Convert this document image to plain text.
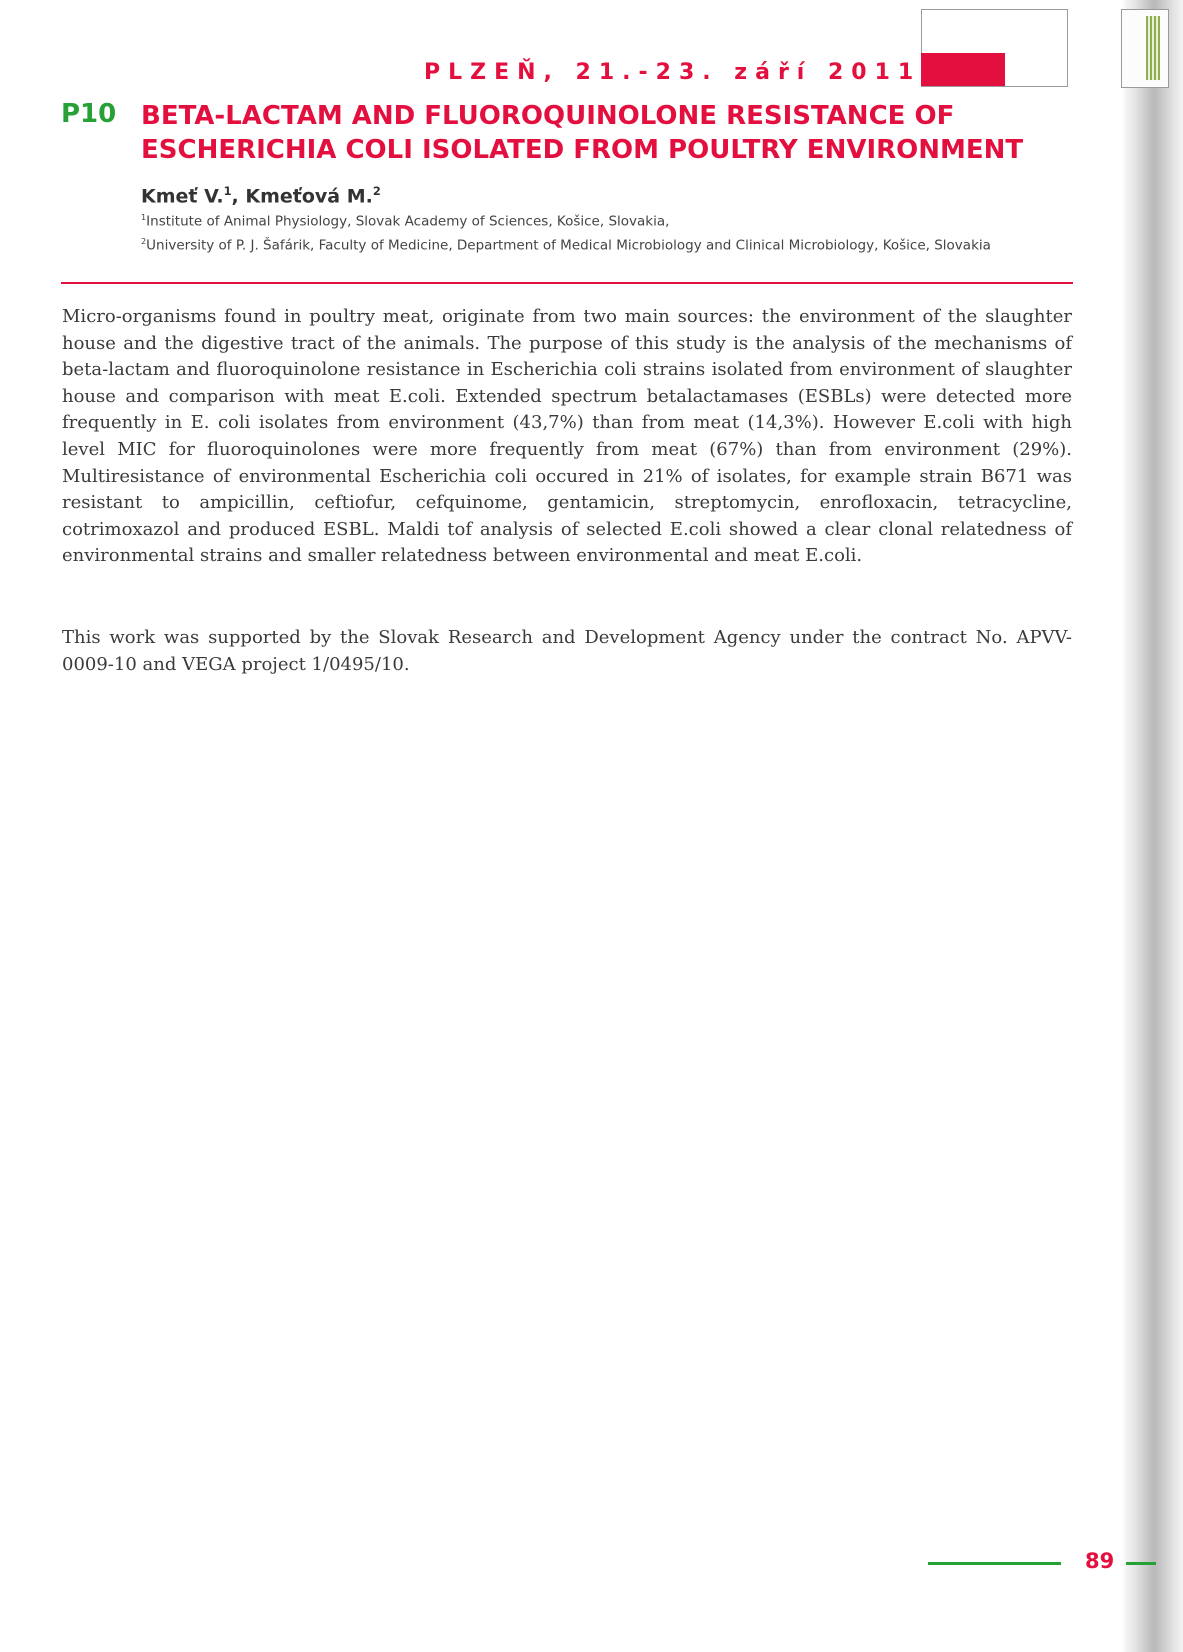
PLZEŇ, 21.-23. září 2011
P10 BETA-LACTAM AND FLUOROQUINOLONE RESISTANCE OF ESCHERICHIA COLI ISOLATED FROM POULTRY ENVIRONMENT
Kmeť V.$^1$, Kmeťová M.$^2$
$^1$Institute of Animal Physiology, Slovak Academy of Sciences, Košice, Slovakia,
$^2$University of P. J. Šafárik, Faculty of Medicine, Department of Medical Microbiology and Clinical Microbiology, Košice, Slovakia

Micro-organisms found in poultry meat, originate from two main sources: the environment of the slaughter house and the digestive tract of the animals. The purpose of this study is the analysis of the mechanisms of beta-lactam and fluoroquinolone resistance in Escherichia coli strains isolated from environment of slaughter house and comparison with meat E.coli. Extended spectrum betalactamases (ESBLs) were detected more frequently in E. coli isolates from environment (43,7%) than from meat (14,3%). However E.coli with high level MIC for fluoroquinolones were more frequently from meat (67%) than from environment (29%). Multiresistance of environmental Escherichia coli occured in 21% of isolates, for example strain B671 was resistant to ampicillin, ceftiofur, cefquinome, gentamicin, streptomycin, enrofloxacin, tetracycline, cotrimoxazol and produced ESBL. Maldi tof analysis of selected E.coli showed a clear clonal relatedness of environmental strains and smaller relatedness between environmental and meat E.coli.

This work was supported by the Slovak Research and Development Agency under the contract No. APVV-0009-10 and VEGA project 1/0495/10.

89
